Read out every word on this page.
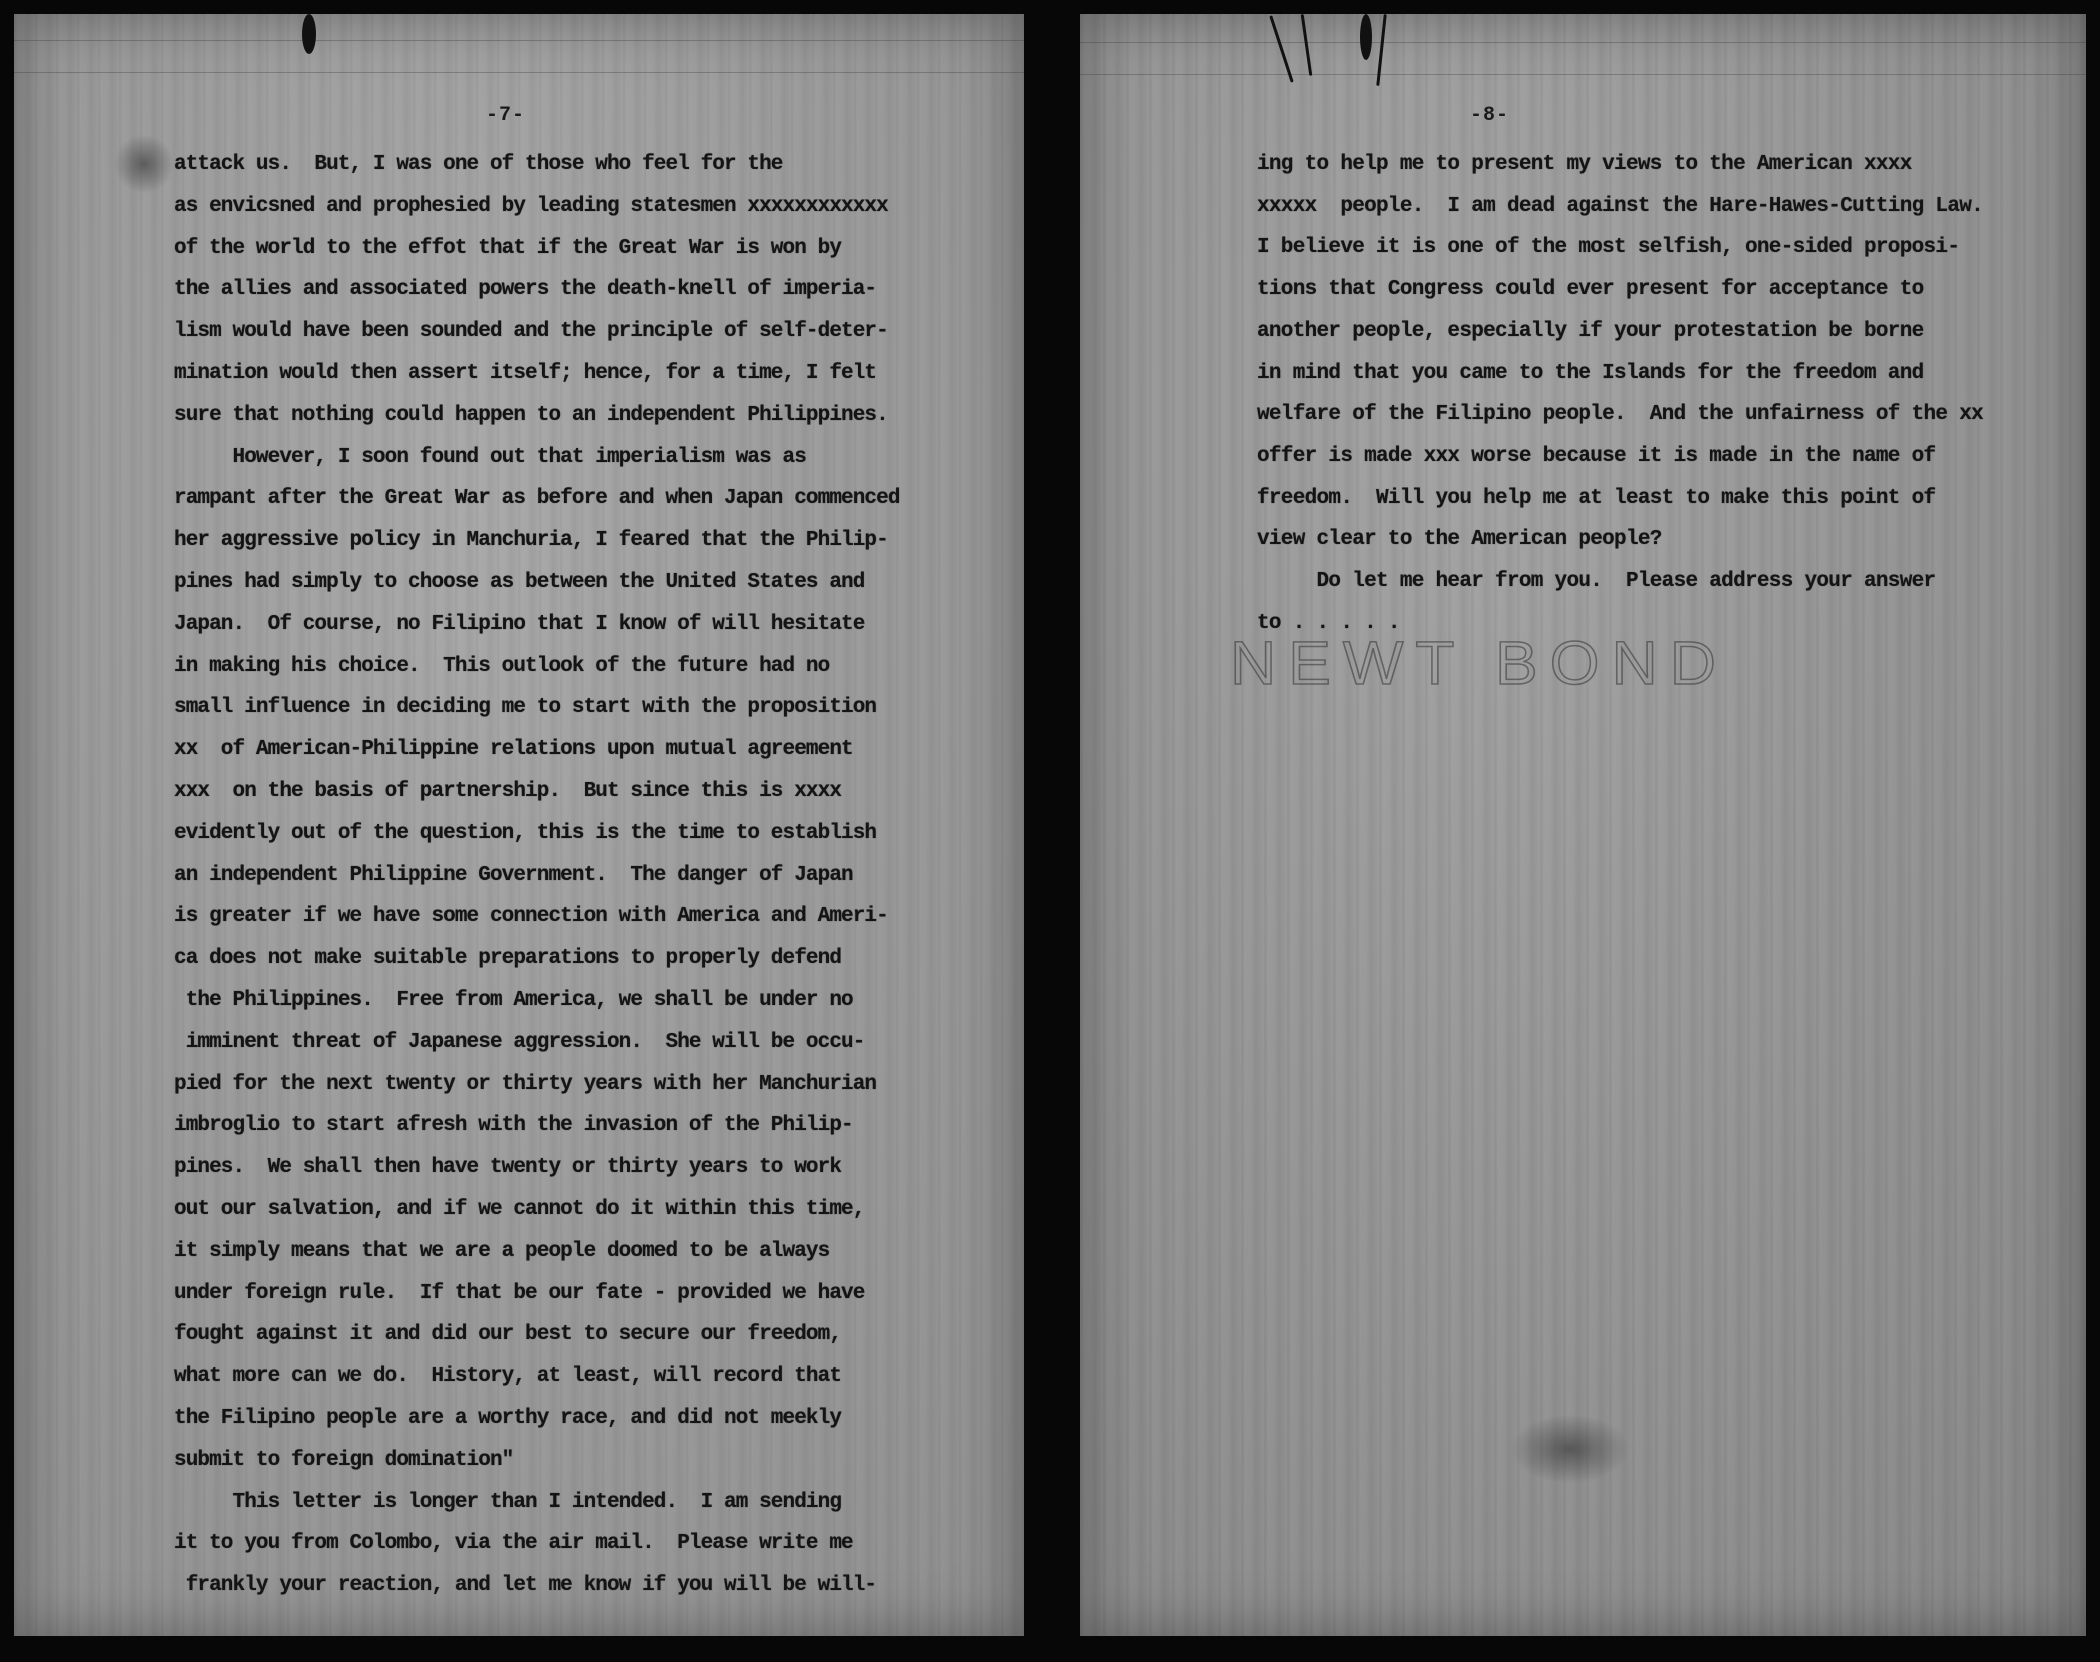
-7-
attack us.  But, I was one of those who feel for the
as envicsned and prophesied by leading statesmen xxxxxxxxxxxx
of the world to the effot that if the Great War is won by
the allies and associated powers the death-knell of imperia-
lism would have been sounded and the principle of self-deter-
mination would then assert itself; hence, for a time, I felt
sure that nothing could happen to an independent Philippines.
However, I soon found out that imperialism was as
rampant after the Great War as before and when Japan commenced
her aggressive policy in Manchuria, I feared that the Philip-
pines had simply to choose as between the United States and
Japan.  Of course, no Filipino that I know of will hesitate
in making his choice.  This outlook of the future had no
small influence in deciding me to start with the proposition
xx  of American-Philippine relations upon mutual agreement
xxx  on the basis of partnership.  But since this is xxxx
evidently out of the question, this is the time to establish
an independent Philippine Government.  The danger of Japan
is greater if we have some connection with America and Ameri-
ca does not make suitable preparations to properly defend
the Philippines.  Free from America, we shall be under no
imminent threat of Japanese aggression.  She will be occu-
pied for the next twenty or thirty years with her Manchurian
imbroglio to start afresh with the invasion of the Philip-
pines.  We shall then have twenty or thirty years to work
out our salvation, and if we cannot do it within this time,
it simply means that we are a people doomed to be always
under foreign rule.  If that be our fate - provided we have
fought against it and did our best to secure our freedom,
what more can we do.  History, at least, will record that
the Filipino people are a worthy race, and did not meekly
submit to foreign domination"
This letter is longer than I intended.  I am sending
it to you from Colombo, via the air mail.  Please write me
frankly your reaction, and let me know if you will be will-
-8-
ing to help me to present my views to the American xxxx
xxxxx  people.  I am dead against the Hare-Hawes-Cutting Law.
I believe it is one of the most selfish, one-sided proposi-
tions that Congress could ever present for acceptance to
another people, especially if your protestation be borne
in mind that you came to the Islands for the freedom and
welfare of the Filipino people.  And the unfairness of the xx
offer is made xxx worse because it is made in the name of
freedom.  Will you help me at least to make this point of
view clear to the American people?
Do let me hear from you.  Please address your answer
to . . . . .
NEWT BOND
